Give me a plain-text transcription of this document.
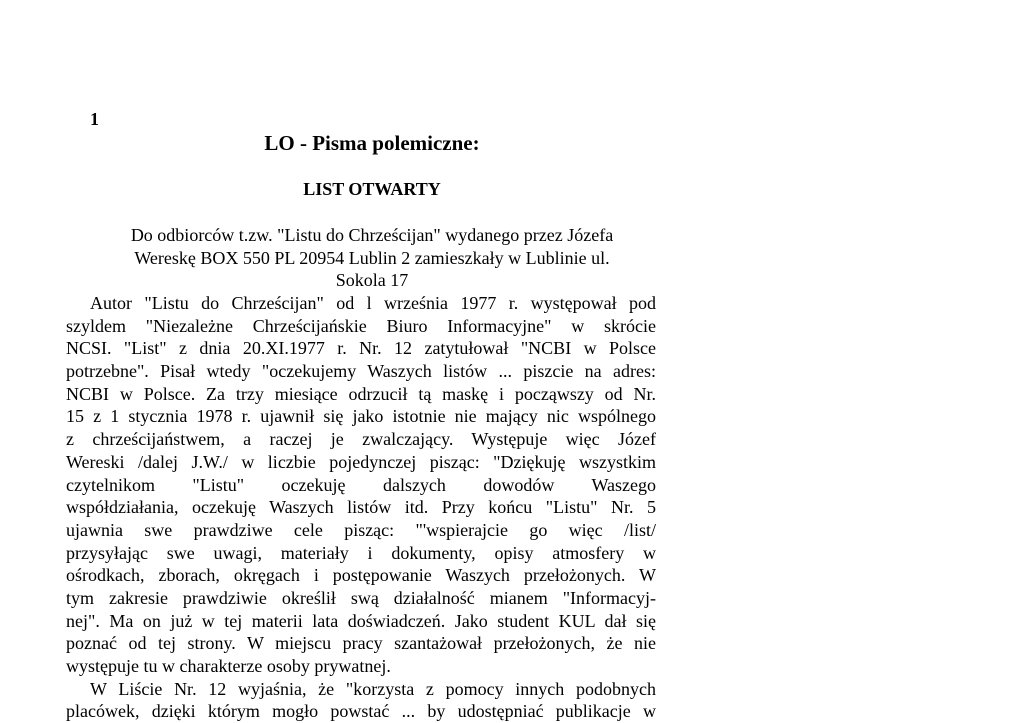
1
LO - Pisma polemiczne:
LIST OTWARTY
Do odbiorców t.zw. "Listu do Chrześcijan" wydanego przez Józefa
Wereskę BOX 550 PL 20954 Lublin 2 zamieszkały w Lublinie ul.
Sokola 17
Autor "Listu do Chrześcijan" od l września 1977 r. występował pod
szyldem "Niezależne Chrześcijańskie Biuro Informacyjne" w skrócie
NCSI. "List" z dnia 20.XI.1977 r. Nr. 12 zatytułował "NCBI w Polsce
potrzebne". Pisał wtedy "oczekujemy Waszych listów ... piszcie na adres:
NCBI w Polsce. Za trzy miesiące odrzucił tą maskę i począwszy od Nr.
15 z 1 stycznia 1978 r. ujawnił się jako istotnie nie mający nic wspólnego
z chrześcijaństwem, a raczej je zwalczający. Występuje więc Józef
Wereski /dalej J.W./ w liczbie pojedynczej pisząc: "Dziękuję wszystkim
czytelnikom "Listu" oczekuję dalszych dowodów Waszego
współdziałania, oczekuję Waszych listów itd. Przy końcu "Listu" Nr. 5
ujawnia swe prawdziwe cele pisząc: "'wspierajcie go więc /list/
przysyłając swe uwagi, materiały i dokumenty, opisy atmosfery w
ośrodkach, zborach, okręgach i postępowanie Waszych przełożonych. W
tym zakresie prawdziwie określił swą działalność mianem "Informacyj-
nej". Ma on już w tej materii lata doświadczeń. Jako student KUL dał się
poznać od tej strony. W miejscu pracy szantażował przełożonych, że nie
występuje tu w charakterze osoby prywatnej.
W Liście Nr. 12 wyjaśnia, że "korzysta z pomocy innych podobnych
placówek, dzięki którym mogło powstać ... by udostępniać publikacje w
